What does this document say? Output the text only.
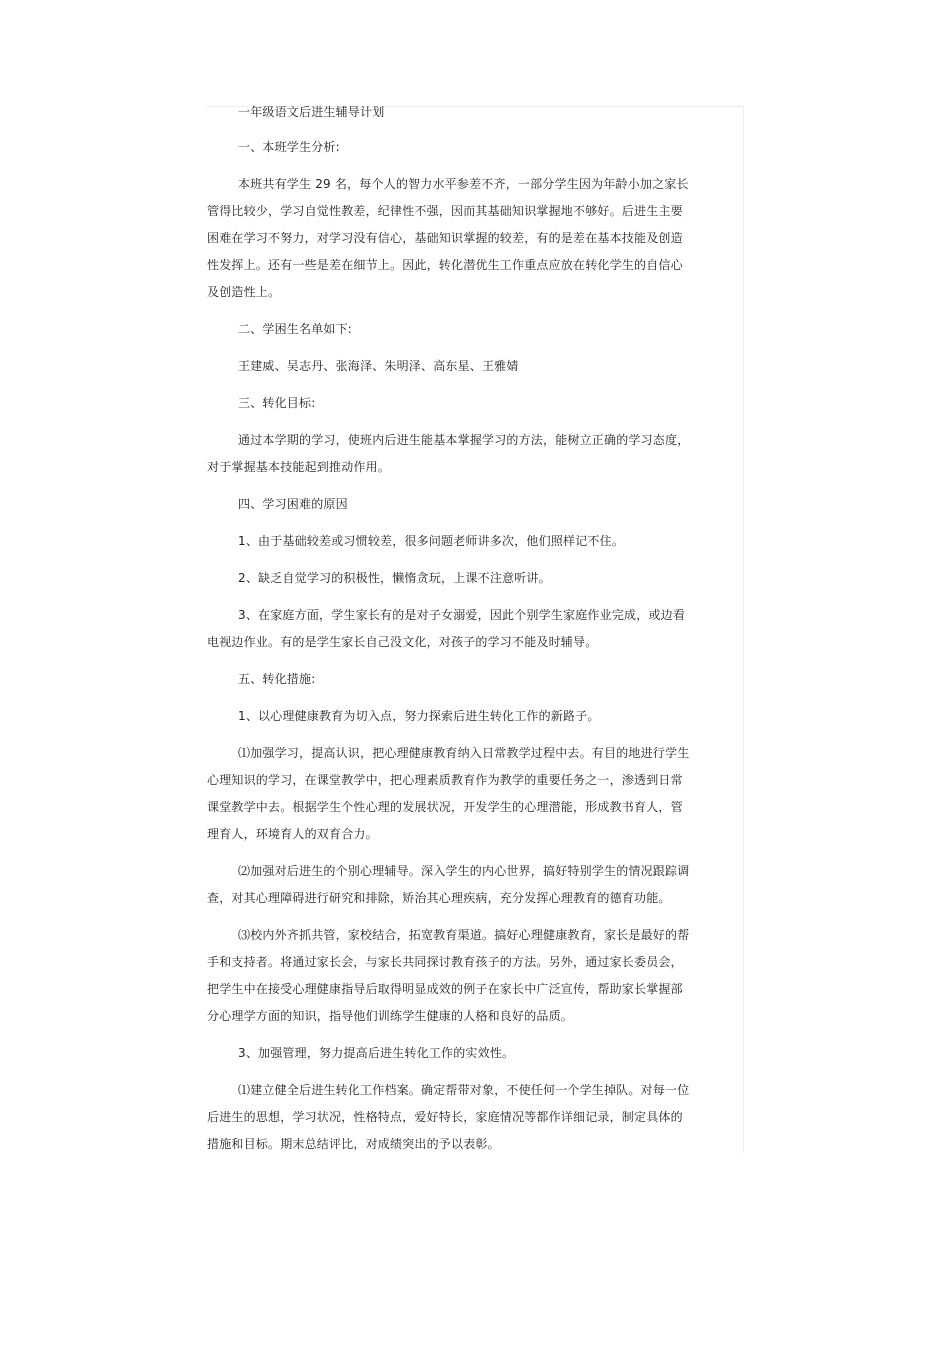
一年级语文后进生辅导计划
一、本班学生分析:
本班共有学生 29 名，每个人的智力水平参差不齐，一部分学生因为年龄小加之家长
管得比较少，学习自觉性教差，纪律性不强，因而其基础知识掌握地不够好。后进生主要
困难在学习不努力，对学习没有信心，基础知识掌握的较差，有的是差在基本技能及创造
性发挥上。还有一些是差在细节上。因此，转化潜优生工作重点应放在转化学生的自信心
及创造性上。
二、学困生名单如下:
王建威、吴志丹、张海泽、朱明泽、高东星、王雅婧
三、转化目标:
通过本学期的学习，使班内后进生能基本掌握学习的方法，能树立正确的学习态度，
对于掌握基本技能起到推动作用。
四、学习困难的原因
1、由于基础较差或习惯较差，很多问题老师讲多次，他们照样记不住。
2、缺乏自觉学习的积极性，懒惰贪玩，上课不注意听讲。
3、在家庭方面，学生家长有的是对子女溺爱，因此个别学生家庭作业完成，或边看
电视边作业。有的是学生家长自己没文化，对孩子的学习不能及时辅导。
五、转化措施:
1、以心理健康教育为切入点，努力探索后进生转化工作的新路子。
⑴加强学习，提高认识，把心理健康教育纳入日常教学过程中去。有目的地进行学生
心理知识的学习，在课堂教学中，把心理素质教育作为教学的重要任务之一，渗透到日常
课堂教学中去。根据学生个性心理的发展状况，开发学生的心理潜能，形成教书育人，管
理育人，环境育人的双育合力。
⑵加强对后进生的个别心理辅导。深入学生的内心世界，搞好特别学生的情况跟踪调
查，对其心理障碍进行研究和排除，矫治其心理疾病，充分发挥心理教育的德育功能。
⑶校内外齐抓共管，家校结合，拓宽教育渠道。搞好心理健康教育，家长是最好的帮
手和支持者。将通过家长会，与家长共同探讨教育孩子的方法。另外，通过家长委员会，
把学生中在接受心理健康指导后取得明显成效的例子在家长中广泛宣传，帮助家长掌握部
分心理学方面的知识，指导他们训练学生健康的人格和良好的品质。
3、加强管理，努力提高后进生转化工作的实效性。
⑴建立健全后进生转化工作档案。确定帮带对象，不使任何一个学生掉队。对每一位
后进生的思想，学习状况，性格特点，爱好特长，家庭情况等都作详细记录，制定具体的
措施和目标。期末总结评比，对成绩突出的予以表彰。
